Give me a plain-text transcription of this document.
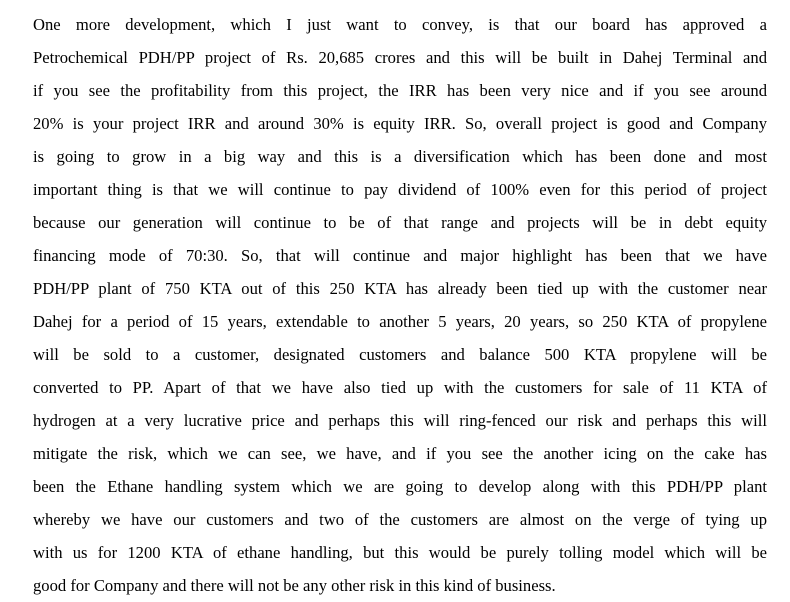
One more development, which I just want to convey, is that our board has approved a
Petrochemical PDH/PP project of Rs. 20,685 crores and this will be built in Dahej Terminal and
if you see the profitability from this project, the IRR has been very nice and if you see around
20% is your project IRR and around 30% is equity IRR. So, overall project is good and Company
is going to grow in a big way and this is a diversification which has been done and most
important thing is that we will continue to pay dividend of 100% even for this period of project
because our generation will continue to be of that range and projects will be in debt equity
financing mode of 70:30. So, that will continue and major highlight has been that we have
PDH/PP plant of 750 KTA out of this 250 KTA has already been tied up with the customer near
Dahej for a period of 15 years, extendable to another 5 years, 20 years, so 250 KTA of propylene
will be sold to a customer, designated customers and balance 500 KTA propylene will be
converted to PP. Apart of that we have also tied up with the customers for sale of 11 KTA of
hydrogen at a very lucrative price and perhaps this will ring-fenced our risk and perhaps this will
mitigate the risk, which we can see, we have, and if you see the another icing on the cake has
been the Ethane handling system which we are going to develop along with this PDH/PP plant
whereby we have our customers and two of the customers are almost on the verge of tying up
with us for 1200 KTA of ethane handling, but this would be purely tolling model which will be
good for Company and there will not be any other risk in this kind of business.
